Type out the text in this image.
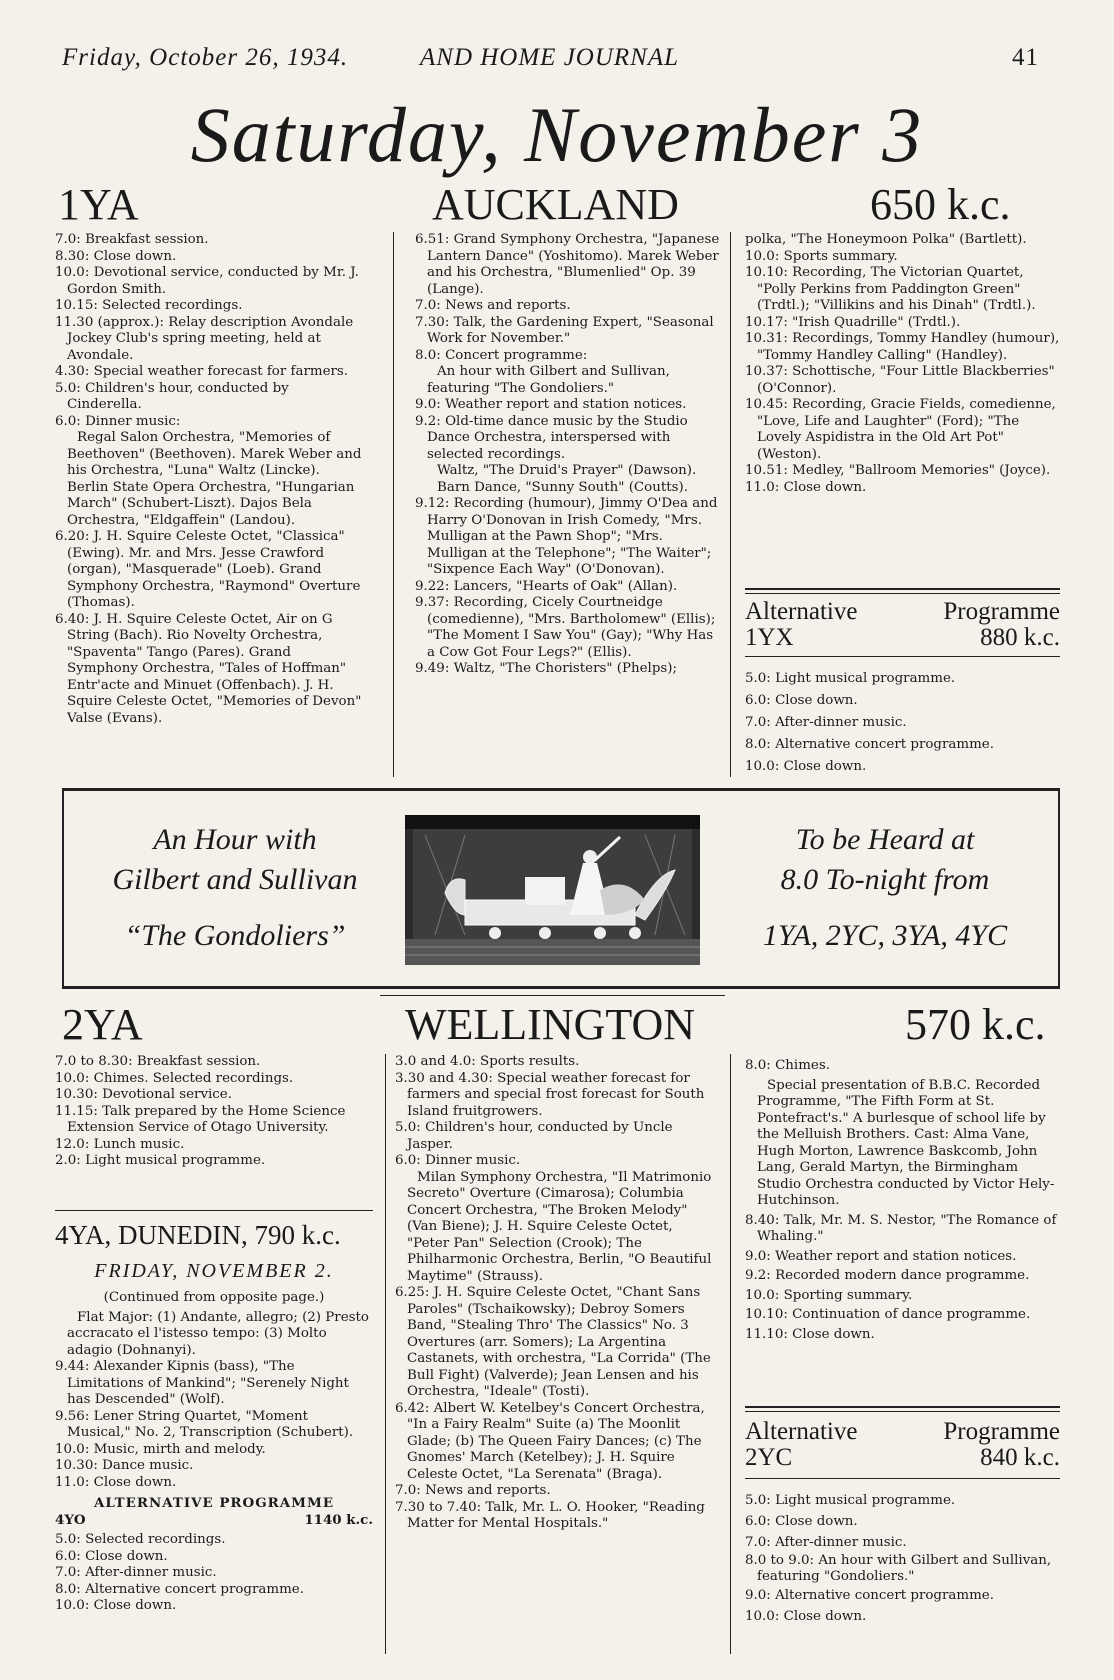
Friday, October 26, 1934.	AND HOME JOURNAL	41
Saturday, November 3
1YA	AUCKLAND	650 k.c.

7.0: Breakfast session.

8.30: Close down.

10.0: Devotional service, conducted by Mr. J. Gordon Smith.

10.15: Selected recordings.

11.30 (approx.): Relay description Avondale Jockey Club's spring meeting, held at Avondale.

4.30: Special weather forecast for farmers.

5.0: Children's hour, conducted by Cinderella.

6.0: Dinner music:

Regal Salon Orchestra, "Memories of Beethoven" (Beethoven). Marek Weber and his Orchestra, "Luna" Waltz (Lincke). Berlin State Opera Orchestra, "Hungarian March" (Schubert-Liszt). Dajos Bela Orchestra, "Eldgaffein" (Landou).

6.20: J. H. Squire Celeste Octet, "Classica" (Ewing). Mr. and Mrs. Jesse Crawford (organ), "Masquerade" (Loeb). Grand Symphony Orchestra, "Raymond" Overture (Thomas).

6.40: J. H. Squire Celeste Octet, Air on G String (Bach). Rio Novelty Orchestra, "Spaventa" Tango (Pares). Grand Symphony Orchestra, "Tales of Hoffman" Entr'acte and Minuet (Offenbach). J. H. Squire Celeste Octet, "Memories of Devon" Valse (Evans).

6.51: Grand Symphony Orchestra, "Japanese Lantern Dance" (Yoshitomo). Marek Weber and his Orchestra, "Blumenlied" Op. 39 (Lange).

7.0: News and reports.

7.30: Talk, the Gardening Expert, "Seasonal Work for November."

8.0: Concert programme:

An hour with Gilbert and Sullivan, featuring "The Gondoliers."

9.0: Weather report and station notices.

9.2: Old-time dance music by the Studio Dance Orchestra, interspersed with selected recordings.

Waltz, "The Druid's Prayer" (Dawson).

Barn Dance, "Sunny South" (Coutts).

9.12: Recording (humour), Jimmy O'Dea and Harry O'Donovan in Irish Comedy, "Mrs. Mulligan at the Pawn Shop"; "Mrs. Mulligan at the Telephone"; "The Waiter"; "Sixpence Each Way" (O'Donovan).

9.22: Lancers, "Hearts of Oak" (Allan).

9.37: Recording, Cicely Courtneidge (comedienne), "Mrs. Bartholomew" (Ellis); "The Moment I Saw You" (Gay); "Why Has a Cow Got Four Legs?" (Ellis).

9.49: Waltz, "The Choristers" (Phelps);

polka, "The Honeymoon Polka" (Bartlett).

10.0: Sports summary.

10.10: Recording, The Victorian Quartet, "Polly Perkins from Paddington Green" (Trdtl.); "Villikins and his Dinah" (Trdtl.).

10.17: "Irish Quadrille" (Trdtl.).

10.31: Recordings, Tommy Handley (humour), "Tommy Handley Calling" (Handley).

10.37: Schottische, "Four Little Blackberries" (O'Connor).

10.45: Recording, Gracie Fields, comedienne, "Love, Life and Laughter" (Ford); "The Lovely Aspidistra in the Old Art Pot" (Weston).

10.51: Medley, "Ballroom Memories" (Joyce).

11.0: Close down.

Alternative	Programme
1YX	880 k.c.

5.0: Light musical programme.

6.0: Close down.

7.0: After-dinner music.

8.0: Alternative concert programme.

10.0: Close down.

An Hour with
Gilbert and Sullivan
“The Gondoliers”
To be Heard at
8.0 To-night from
1YA, 2YC, 3YA, 4YC
2YA	WELLINGTON	570 k.c.

7.0 to 8.30: Breakfast session.

10.0: Chimes. Selected recordings.

10.30: Devotional service.

11.15: Talk prepared by the Home Science Extension Service of Otago University.

12.0: Lunch music.

2.0: Light musical programme.

4YA, DUNEDIN, 790 k.c.
FRIDAY, NOVEMBER 2.

(Continued from opposite page.)

Flat Major: (1) Andante, allegro; (2) Presto accracato el l'istesso tempo: (3) Molto adagio (Dohnanyi).

9.44: Alexander Kipnis (bass), "The Limitations of Mankind"; "Serenely Night has Descended" (Wolf).

9.56: Lener String Quartet, "Moment Musical," No. 2, Transcription (Schubert).

10.0: Music, mirth and melody.

10.30: Dance music.

11.0: Close down.

ALTERNATIVE PROGRAMME

4YO	1140 k.c.

5.0: Selected recordings.

6.0: Close down.

7.0: After-dinner music.

8.0: Alternative concert programme.

10.0: Close down.

3.0 and 4.0: Sports results.

3.30 and 4.30: Special weather forecast for farmers and special frost forecast for South Island fruitgrowers.

5.0: Children's hour, conducted by Uncle Jasper.

6.0: Dinner music.

Milan Symphony Orchestra, "Il Matrimonio Secreto" Overture (Cimarosa); Columbia Concert Orchestra, "The Broken Melody" (Van Biene); J. H. Squire Celeste Octet, "Peter Pan" Selection (Crook); The Philharmonic Orchestra, Berlin, "O Beautiful Maytime" (Strauss).

6.25: J. H. Squire Celeste Octet, "Chant Sans Paroles" (Tschaikowsky); Debroy Somers Band, "Stealing Thro' The Classics" No. 3 Overtures (arr. Somers); La Argentina Castanets, with orchestra, "La Corrida" (The Bull Fight) (Valverde); Jean Lensen and his Orchestra, "Ideale" (Tosti).

6.42: Albert W. Ketelbey's Concert Orchestra, "In a Fairy Realm" Suite (a) The Moonlit Glade; (b) The Queen Fairy Dances; (c) The Gnomes' March (Ketelbey); J. H. Squire Celeste Octet, "La Serenata" (Braga).

7.0: News and reports.

7.30 to 7.40: Talk, Mr. L. O. Hooker, "Reading Matter for Mental Hospitals."

8.0: Chimes.

Special presentation of B.B.C. Recorded Programme, "The Fifth Form at St. Pontefract's." A burlesque of school life by the Melluish Brothers. Cast: Alma Vane, Hugh Morton, Lawrence Baskcomb, John Lang, Gerald Martyn, the Birmingham Studio Orchestra conducted by Victor Hely-Hutchinson.

8.40: Talk, Mr. M. S. Nestor, "The Romance of Whaling."

9.0: Weather report and station notices.

9.2: Recorded modern dance programme.

10.0: Sporting summary.

10.10: Continuation of dance programme.

11.10: Close down.

Alternative	Programme
2YC	840 k.c.

5.0: Light musical programme.

6.0: Close down.

7.0: After-dinner music.

8.0 to 9.0: An hour with Gilbert and Sullivan, featuring "Gondoliers."

9.0: Alternative concert programme.

10.0: Close down.
